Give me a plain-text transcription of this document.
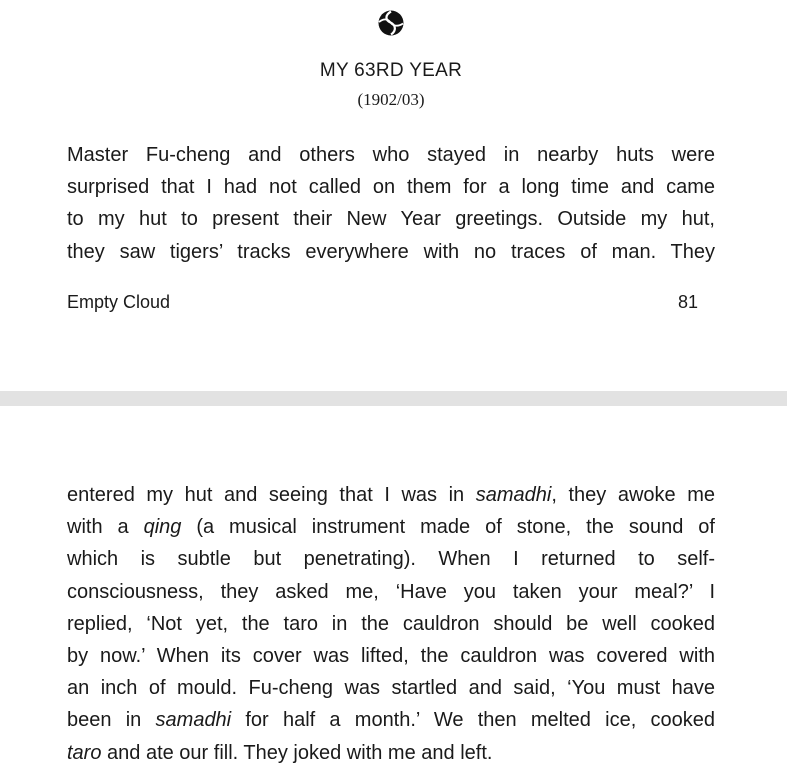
MY 63RD YEAR
(1902/03)
Master Fu-cheng and others who stayed in nearby huts were
surprised that I had not called on them for a long time and came
to my hut to present their New Year greetings. Outside my hut,
they saw tigers’ tracks everywhere with no traces of man. They
Empty Cloud	81
entered my hut and seeing that I was in samadhi, they awoke me
with a qing (a musical instrument made of stone, the sound of
which is subtle but penetrating). When I returned to self-
consciousness, they asked me, ‘Have you taken your meal?’ I
replied, ‘Not yet, the taro in the cauldron should be well cooked
by now.’ When its cover was lifted, the cauldron was covered with
an inch of mould. Fu-cheng was startled and said, ‘You must have
been in samadhi for half a month.’ We then melted ice, cooked
taro and ate our fill. They joked with me and left.
